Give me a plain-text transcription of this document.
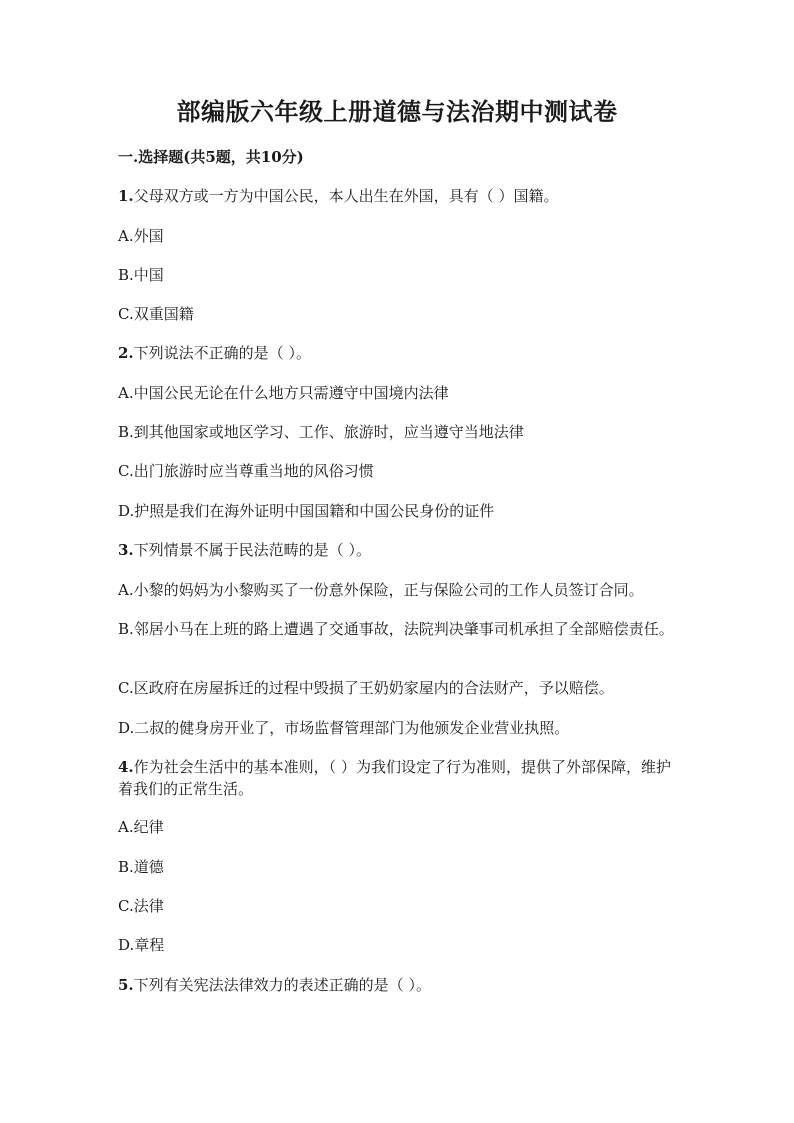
部编版六年级上册道德与法治期中测试卷
一.选择题(共5题，共10分)
1.父母双方或一方为中国公民，本人出生在外国，具有（ ）国籍。
A.外国
B.中国
C.双重国籍
2.下列说法不正确的是（ ）。
A.中国公民无论在什么地方只需遵守中国境内法律
B.到其他国家或地区学习、工作、旅游时，应当遵守当地法律
C.出门旅游时应当尊重当地的风俗习惯
D.护照是我们在海外证明中国国籍和中国公民身份的证件
3.下列情景不属于民法范畴的是（ ）。
A.小黎的妈妈为小黎购买了一份意外保险，正与保险公司的工作人员签订合同。
B.邻居小马在上班的路上遭遇了交通事故，法院判决肇事司机承担了全部赔偿责任。
C.区政府在房屋拆迁的过程中毁损了王奶奶家屋内的合法财产，予以赔偿。
D.二叔的健身房开业了，市场监督管理部门为他颁发企业营业执照。
4.作为社会生活中的基本准则，（ ）为我们设定了行为准则，提供了外部保障，维护着我们的正常生活。
A.纪律
B.道德
C.法律
D.章程
5.下列有关宪法法律效力的表述正确的是（ ）。
